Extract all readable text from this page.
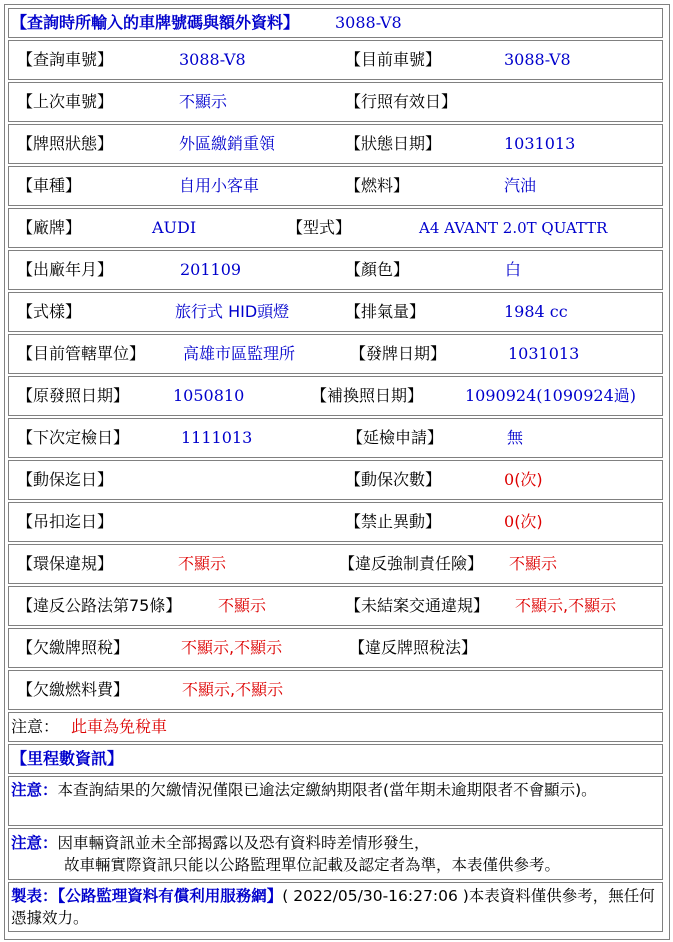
【查詢時所輸入的車牌號碼與額外資料】 3088-V8
【查詢車號】	3088-V8	【目前車號】	3088-V8
【上次車號】	不顯示	【行照有效日】
【牌照狀態】	外區繳銷重領	【狀態日期】	1031013
【車種】	自用小客車	【燃料】	汽油
【廠牌】	AUDI	【型式】	A4 AVANT 2.0T QUATTR
【出廠年月】	201109	【顏色】	白
【式樣】	旅行式 HID頭燈	【排氣量】	1984 cc
【目前管轄單位】 高雄市區監理所	【發牌日期】	1031013
【原發照日期】	1050810	【補換照日期】	1090924(1090924過)
【下次定檢日】	1111013	【延檢申請】	無
【動保迄日】	【動保次數】	0(次)
【吊扣迄日】	【禁止異動】	0(次)
【環保違規】	不顯示	【違反強制責任險】 不顯示
【違反公路法第75條】 不顯示	【未結案交通違規】 不顯示,不顯示
【欠繳牌照稅】	不顯示,不顯示	【違反牌照稅法】
【欠繳燃料費】	不顯示,不顯示
注意： 此車為免稅車
【里程數資訊】
注意：本查詢結果的欠繳情況僅限已逾法定繳納期限者(當年期未逾期限者不會顯示)。
注意：因車輛資訊並未全部揭露以及恐有資料時差情形發生，
故車輛實際資訊只能以公路監理單位記載及認定者為準，本表僅供參考。
製表：【公路監理資料有償利用服務網】( 2022/05/30-16:27:06 )本表資料僅供參考，無任何憑據效力。
